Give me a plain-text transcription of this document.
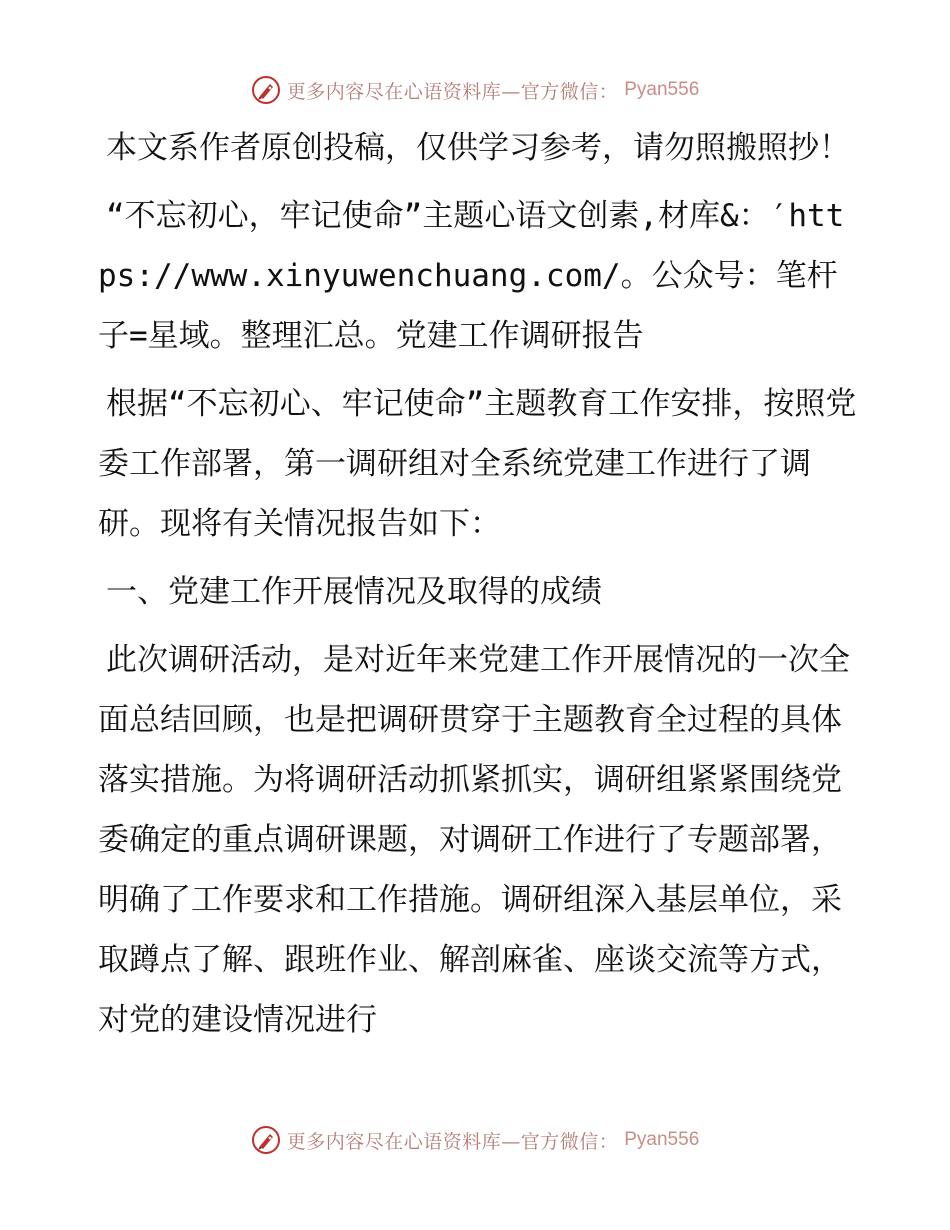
更多内容尽在心语资料库—官方微信： Pyan556

本文系作者原创投稿，仅供学习参考，请勿照搬照抄！

“不忘初心，牢记使命”主题心语文创素,材库&：′https://www.xinyuwenchuang.com/。公众号：笔杆子=星域。整理汇总。党建工作调研报告

根据“不忘初心、牢记使命”主题教育工作安排，按照党委工作部署，第一调研组对全系统党建工作进行了调研。现将有关情况报告如下：

一、党建工作开展情况及取得的成绩

此次调研活动，是对近年来党建工作开展情况的一次全面总结回顾，也是把调研贯穿于主题教育全过程的具体落实措施。为将调研活动抓紧抓实，调研组紧紧围绕党委确定的重点调研课题，对调研工作进行了专题部署，明确了工作要求和工作措施。调研组深入基层单位，采取蹲点了解、跟班作业、解剖麻雀、座谈交流等方式，对党的建设情况进行

更多内容尽在心语资料库—官方微信： Pyan556
